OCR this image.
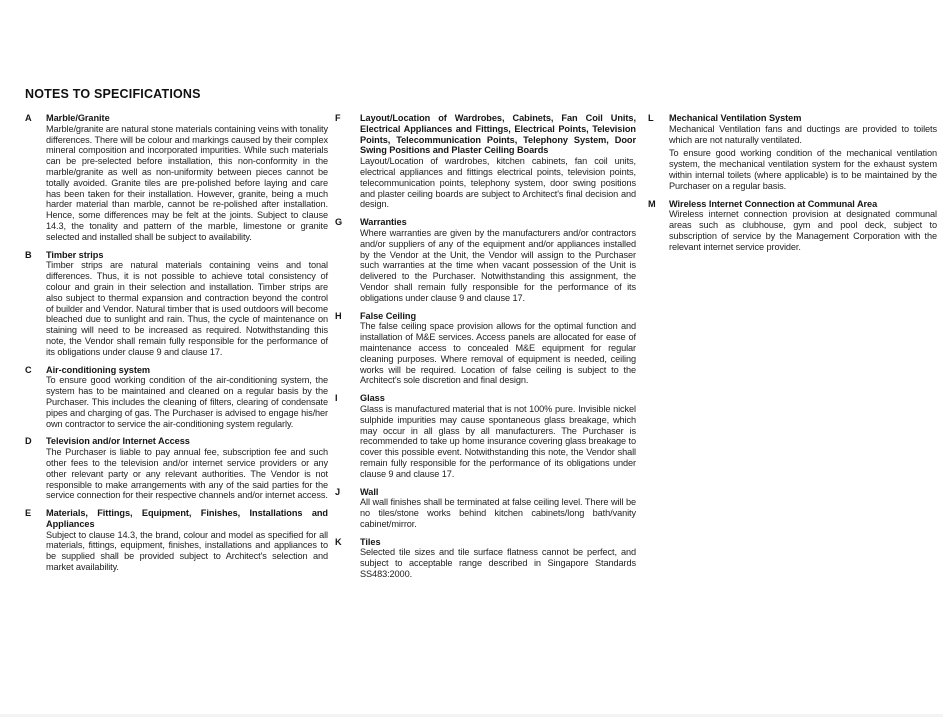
NOTES TO SPECIFICATIONS
A	Marble/Granite

Marble/granite are natural stone materials containing veins with tonality differences. There will be colour and markings caused by their complex mineral composition and incorporated impurities. While such materials can be pre-selected before installation, this non-conformity in the marble/granite as well as non-uniformity between pieces cannot be totally avoided. Granite tiles are pre-polished before laying and care has been taken for their installation. However, granite, being a much harder material than marble, cannot be re-polished after installation. Hence, some differences may be felt at the joints. Subject to clause 14.3, the tonality and pattern of the marble, limestone or granite selected and installed shall be subject to availability.

B	Timber strips

Timber strips are natural materials containing veins and tonal differences. Thus, it is not possible to achieve total consistency of colour and grain in their selection and installation. Timber strips are also subject to thermal expansion and contraction beyond the control of builder and Vendor. Natural timber that is used outdoors will become bleached due to sunlight and rain. Thus, the cycle of maintenance on staining will need to be increased as required. Notwithstanding this note, the Vendor shall remain fully responsible for the performance of its obligations under clause 9 and clause 17.

C	Air-conditioning system

To ensure good working condition of the air-conditioning system, the system has to be maintained and cleaned on a regular basis by the Purchaser. This includes the cleaning of filters, clearing of condensate pipes and charging of gas. The Purchaser is advised to engage his/her own contractor to service the air-conditioning system regularly.

D	Television and/or Internet Access

The Purchaser is liable to pay annual fee, subscription fee and such other fees to the television and/or internet service providers or any other relevant party or any relevant authorities. The Vendor is not responsible to make arrangements with any of the said parties for the service connection for their respective channels and/or internet access.

E	Materials, Fittings, Equipment, Finishes, Installations and Appliances

Subject to clause 14.3, the brand, colour and model as specified for all materials, fittings, equipment, finishes, installations and appliances to be supplied shall be provided subject to Architect's selection and market availability.

F	Layout/Location of Wardrobes, Cabinets, Fan Coil Units, Electrical Appliances and Fittings, Electrical Points, Television Points, Telecommunication Points, Telephony System, Door Swing Positions and Plaster Ceiling Boards

Layout/Location of wardrobes, kitchen cabinets, fan coil units, electrical appliances and fittings electrical points, television points, telecommunication points, telephony system, door swing positions and plaster ceiling boards are subject to Architect's final decision and design.

G	Warranties

Where warranties are given by the manufacturers and/or contractors and/or suppliers of any of the equipment and/or appliances installed by the Vendor at the Unit, the Vendor will assign to the Purchaser such warranties at the time when vacant possession of the Unit is delivered to the Purchaser. Notwithstanding this assignment, the Vendor shall remain fully responsible for the performance of its obligations under clause 9 and clause 17.

H	False Ceiling

The false ceiling space provision allows for the optimal function and installation of M&E services. Access panels are allocated for ease of maintenance access to concealed M&E equipment for regular cleaning purposes. Where removal of equipment is needed, ceiling works will be required. Location of false ceiling is subject to the Architect's sole discretion and final design.

I	Glass

Glass is manufactured material that is not 100% pure. Invisible nickel sulphide impurities may cause spontaneous glass breakage, which may occur in all glass by all manufacturers. The Purchaser is recommended to take up home insurance covering glass breakage to cover this possible event. Notwithstanding this note, the Vendor shall remain fully responsible for the performance of its obligations under clause 9 and clause 17.

J	Wall

All wall finishes shall be terminated at false ceiling level. There will be no tiles/stone works behind kitchen cabinets/long bath/vanity cabinet/mirror.

K	Tiles

Selected tile sizes and tile surface flatness cannot be perfect, and subject to acceptable range described in Singapore Standards SS483:2000.

L	Mechanical Ventilation System

Mechanical Ventilation fans and ductings are provided to toilets which are not naturally ventilated.

To ensure good working condition of the mechanical ventilation system, the mechanical ventilation system for the exhaust system within internal toilets (where applicable) is to be maintained by the Purchaser on a regular basis.

M	Wireless Internet Connection at Communal Area

Wireless internet connection provision at designated communal areas such as clubhouse, gym and pool deck, subject to subscription of service by the Management Corporation with the relevant internet service provider.
